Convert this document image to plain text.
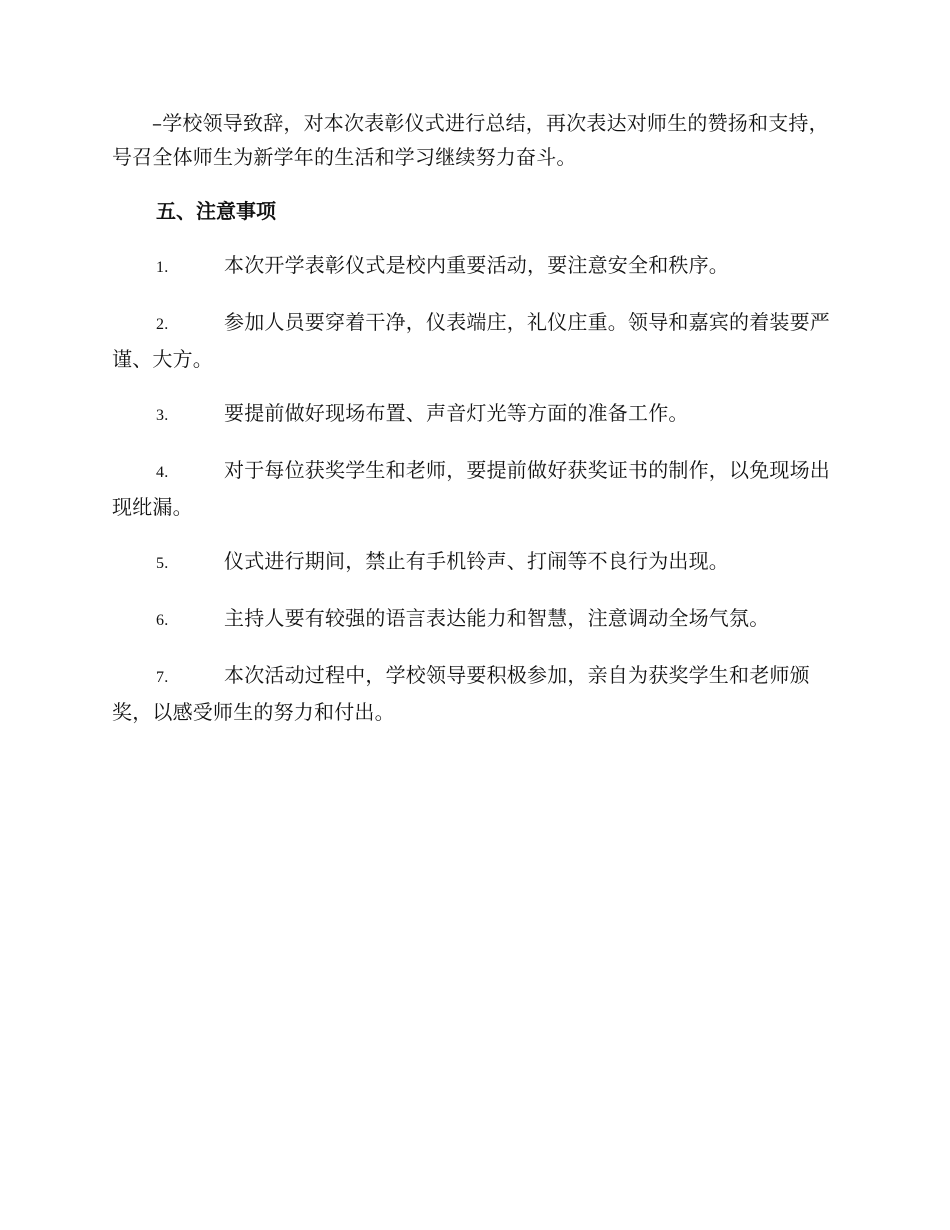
–学校领导致辞，对本次表彰仪式进行总结，再次表达对师生的赞扬和支持，号召全体师生为新学年的生活和学习继续努力奋斗。

五、注意事项

1.	本次开学表彰仪式是校内重要活动，要注意安全和秩序。

2.	参加人员要穿着干净，仪表端庄，礼仪庄重。领导和嘉宾的着装要严谨、大方。

3.	要提前做好现场布置、声音灯光等方面的准备工作。

4.	对于每位获奖学生和老师，要提前做好获奖证书的制作，以免现场出现纰漏。

5.	仪式进行期间，禁止有手机铃声、打闹等不良行为出现。

6.	主持人要有较强的语言表达能力和智慧，注意调动全场气氛。

7.	本次活动过程中，学校领导要积极参加，亲自为获奖学生和老师颁奖，以感受师生的努力和付出。
